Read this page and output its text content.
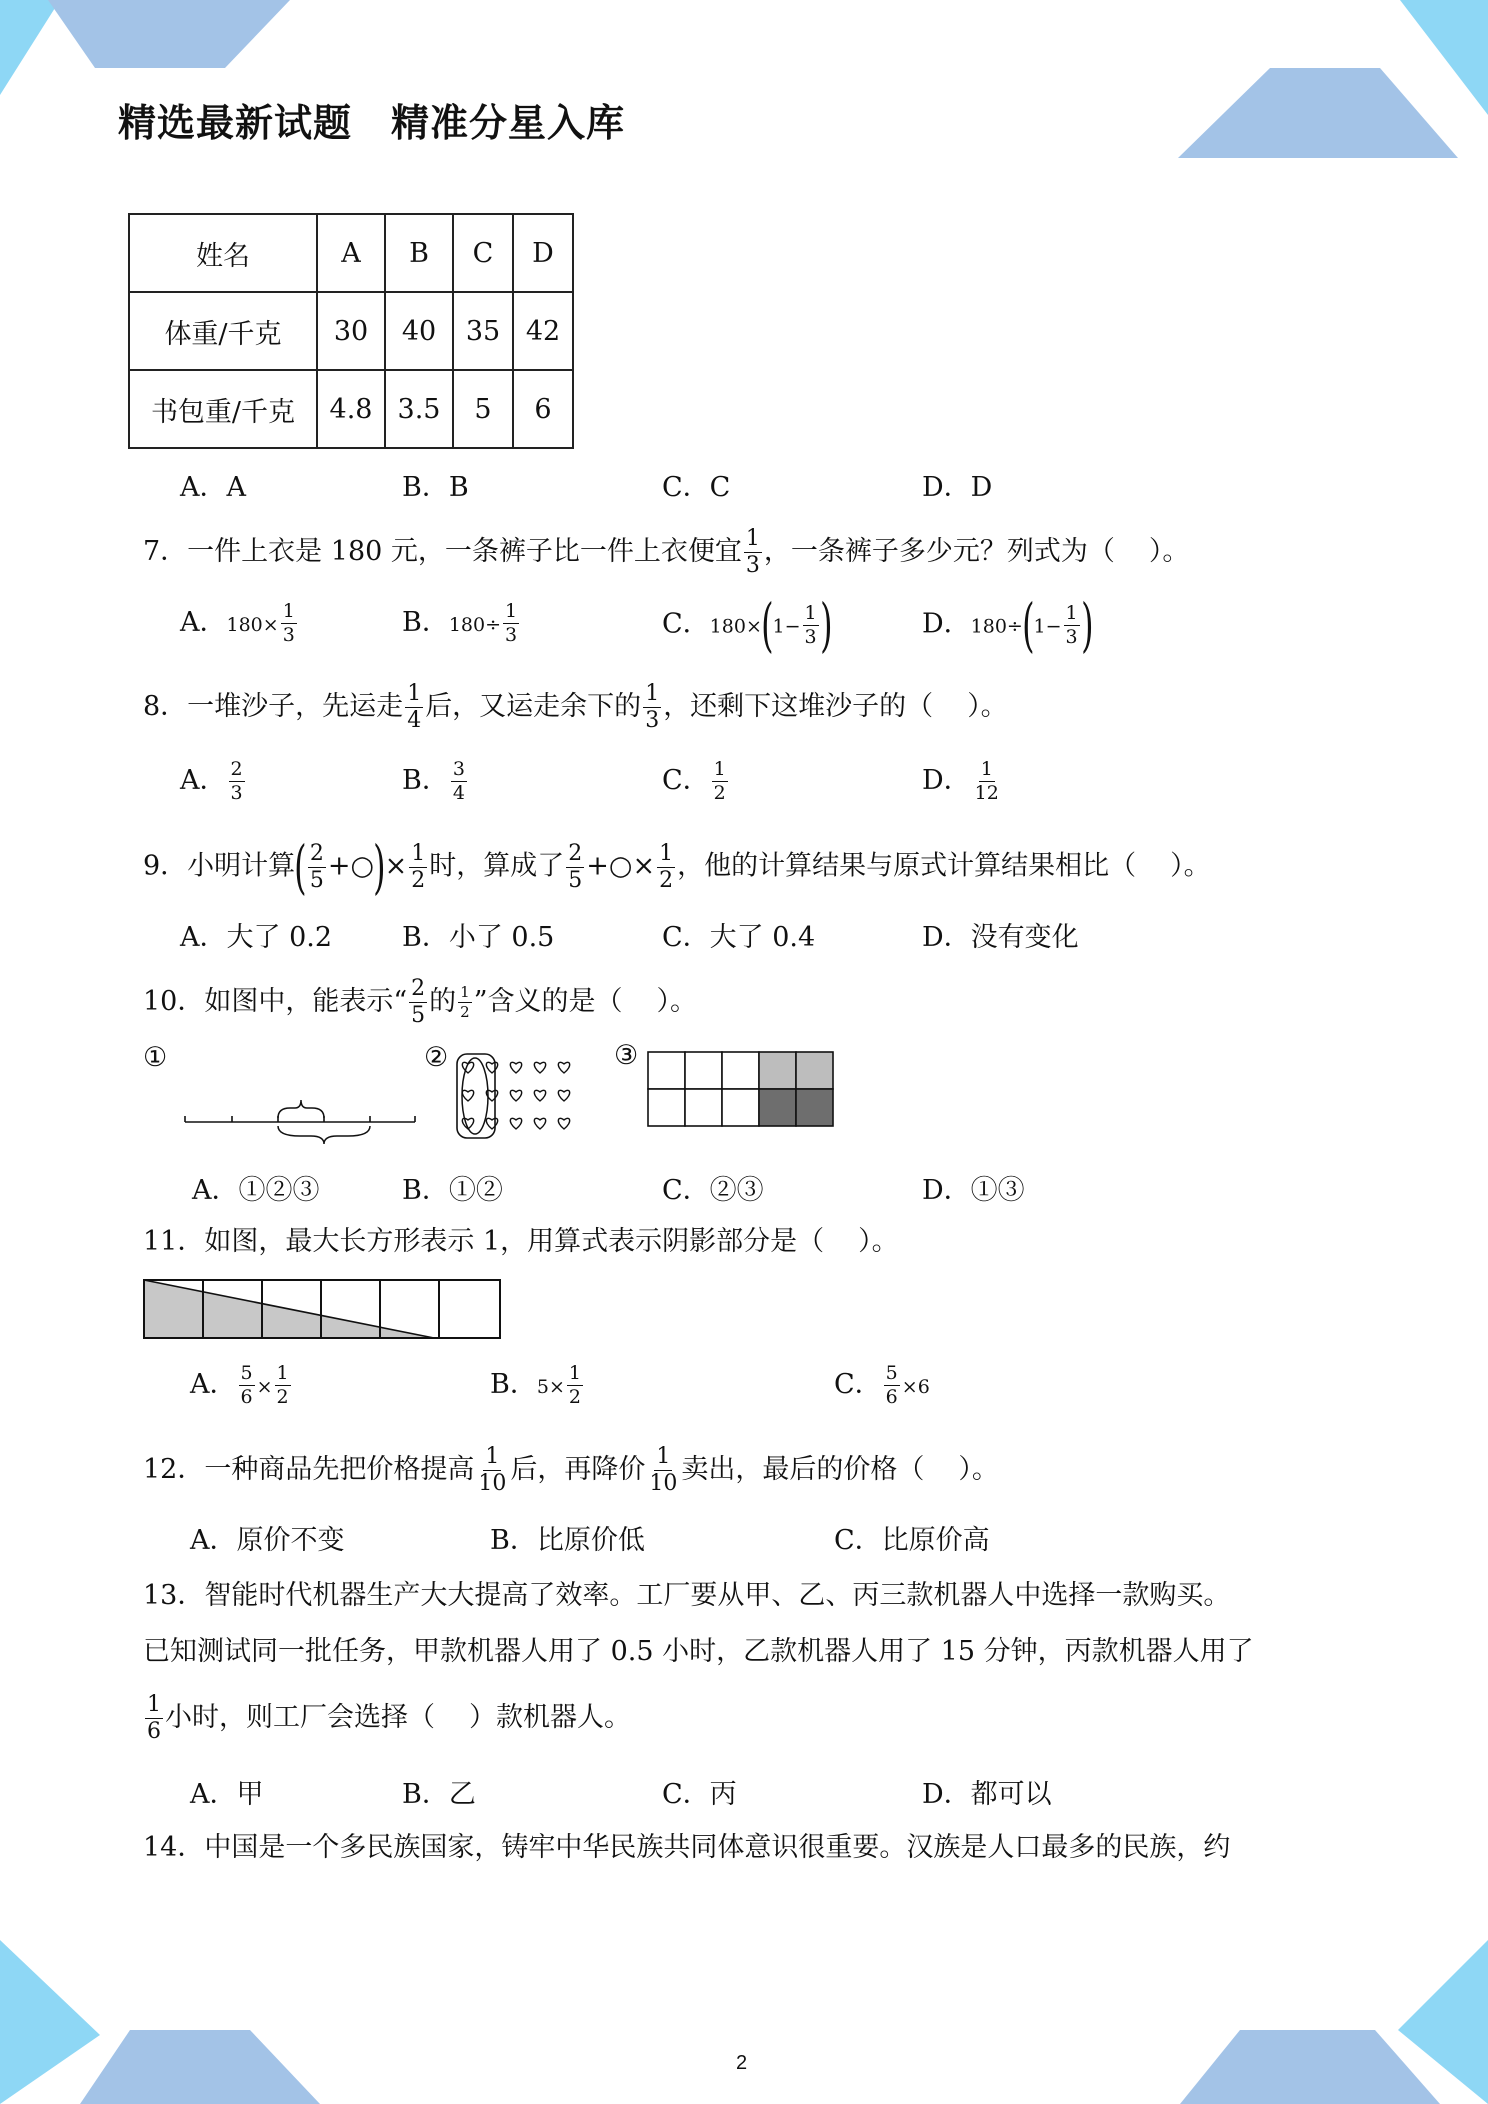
精选最新试题　精准分星入库
姓名	A	B	C	D
体重/千克	30	40	35	42
书包重/千克	4.8	3.5	5	6
A．A	B．B	C．C	D．D
7．一件上衣是 180 元，一条裤子比一件上衣便宜 $\frac{1}{3}$ ，一条裤子多少元？列式为（ ）。
A．$180\times \frac{1}{3}$	B．$180\div \frac{1}{3}$	C．$180\times(1- \frac{1}{3}$ )	D．$180\div(1- \frac{1}{3}$ )
8．一堆沙子，先运走 $\frac{1}{4}$ 后，又运走余下的 $\frac{1}{3}$ ，还剩下这堆沙子的（ ）。
A． $\frac{2}{3}$	B． $\frac{3}{4}$	C． $\frac{1}{2}$	D． $\frac{1}{12}$
9．小明计算( $\frac{2}{5}$ +○)× $\frac{1}{2}$ 时，算成了 $\frac{2}{5}$ +○× $\frac{1}{2}$ ，他的计算结果与原式计算结果相比（ ）。
A．大了 0.2	B．小了 0.5	C．大了 0.4	D．没有变化
10．如图中，能表示“ $\frac{2}{5}$ 的 $\frac{1}{2}$ ”含义的是（ ）。
①	②	③
A．①②③	B．①②	C．②③	D．①③
11．如图，最大长方形表示 1，用算式表示阴影部分是（ ）。
A． $\frac{5}{6} \times \frac{1}{2}$	B．$5\times \frac{1}{2}$	C． $\frac{5}{6} \times 6$
12．一种商品先把价格提高 $\frac{1}{10}$ 后，再降价 $\frac{1}{10}$ 卖出，最后的价格（ ）。
A．原价不变	B．比原价低	C．比原价高
13．智能时代机器生产大大提高了效率。工厂要从甲、乙、丙三款机器人中选择一款购买。
已知测试同一批任务，甲款机器人用了 0.5 小时，乙款机器人用了 15 分钟，丙款机器人用了
$\frac{1}{6}$ 小时，则工厂会选择（ ）款机器人。
A．甲	B．乙	C．丙	D．都可以
14．中国是一个多民族国家，铸牢中华民族共同体意识很重要。汉族是人口最多的民族，约
2
